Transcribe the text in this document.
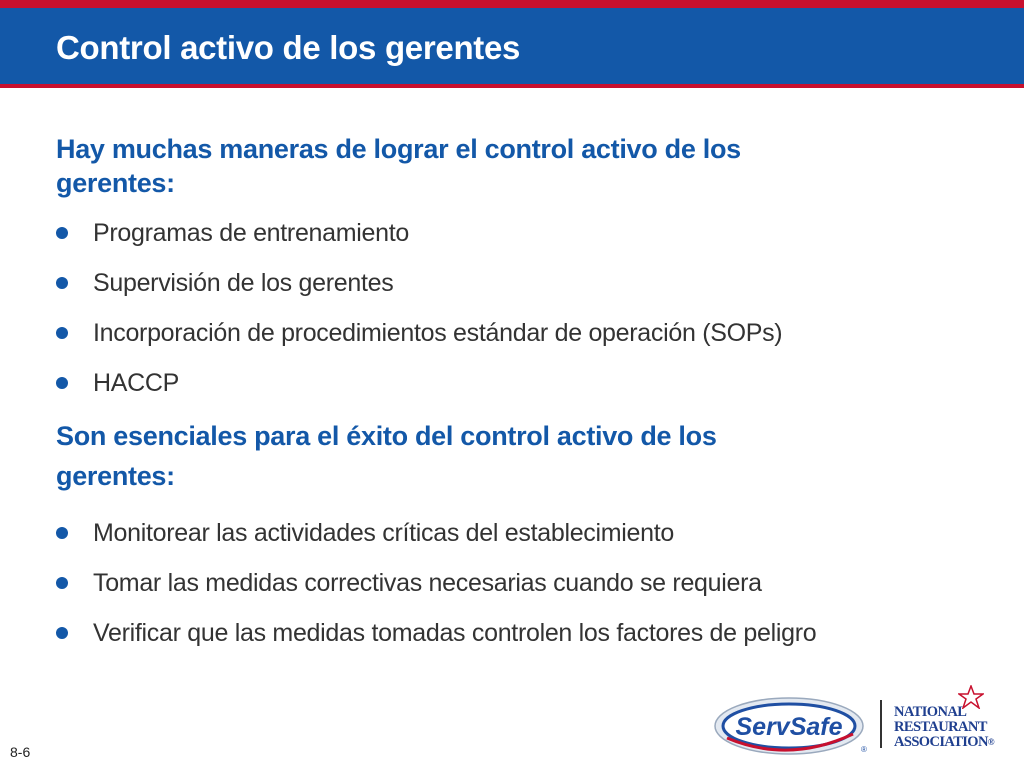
Control activo de los gerentes

Hay muchas maneras de lograr el control activo de los gerentes:

Programas de entrenamiento
Supervisión de los gerentes
Incorporación de procedimientos estándar de operación (SOPs)
HACCP

Son esenciales para el éxito del control activo de los gerentes:

Monitorear las actividades críticas del establecimiento
Tomar las medidas correctivas necesarias cuando se requiera
Verificar que las medidas tomadas controlen los factores de peligro
8-6
ServSafe
®
NATIONAL
RESTAURANT
ASSOCIATION®
